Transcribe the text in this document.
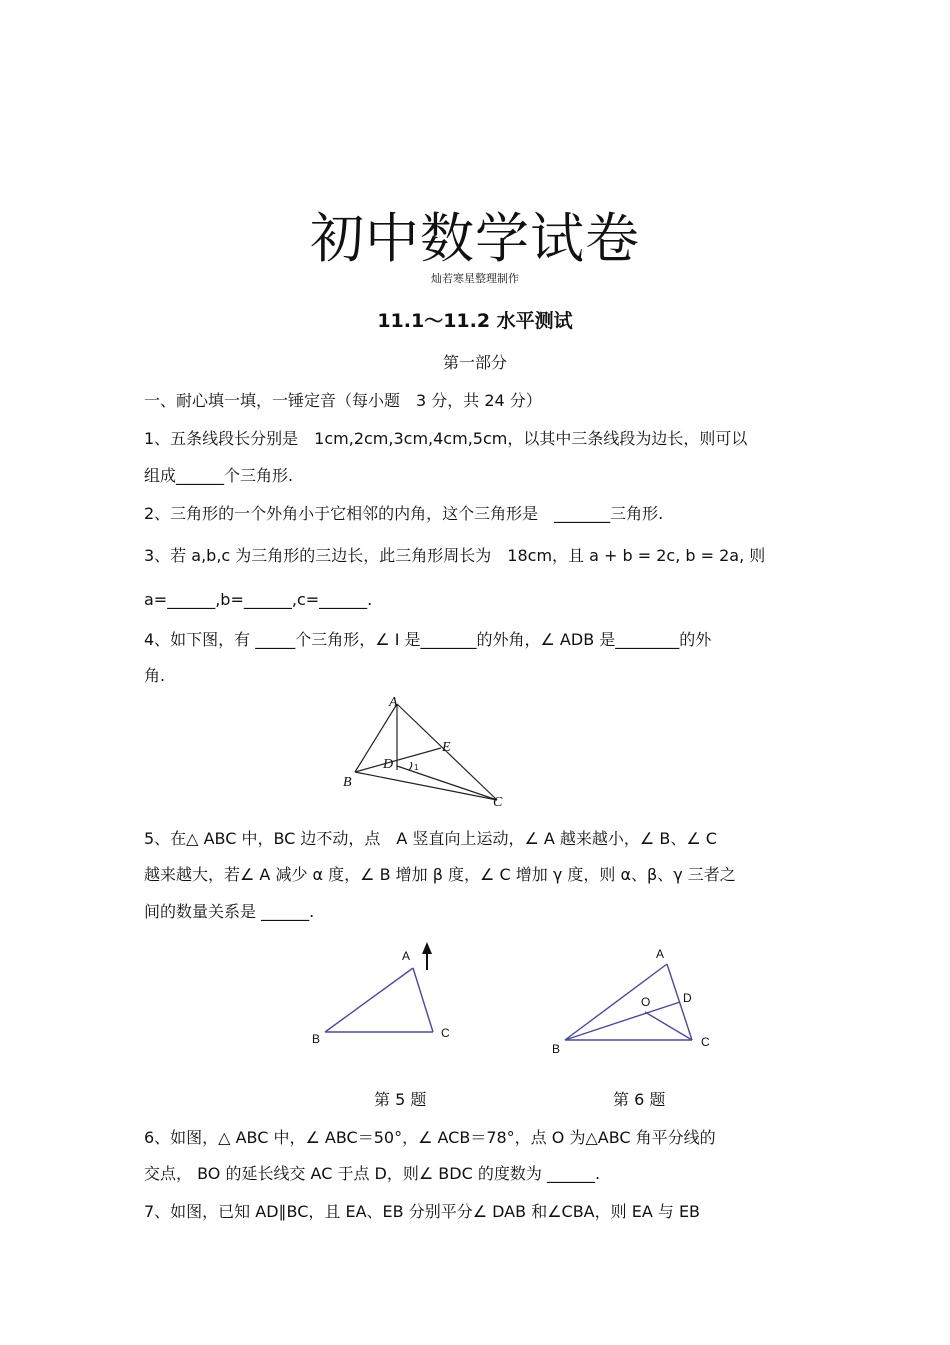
初中数学试卷
灿若寒星整理制作
11.1～11.2 水平测试
第一部分
一、耐心填一填，一锤定音（每小题　3 分，共 24 分）
1、五条线段长分别是　1cm,2cm,3cm,4cm,5cm，以其中三条线段为边长，则可以
组成______个三角形.
2、三角形的一个外角小于它相邻的内角，这个三角形是　_______三角形.
3、若 a,b,c 为三角形的三边长，此三角形周长为　18cm，且 a + b = 2c, b = 2a, 则
a=______,b=______,c=______.
4、如下图，有 _____个三角形，∠ I 是_______的外角，∠ ADB 是________的外
角.
A
B
C
D
E
1
5、在△ ABC 中，BC 边不动，点　A 竖直向上运动，∠ A 越来越小，∠ B、∠ C
越来越大，若∠ A 减少 α 度，∠ B 增加 β 度，∠ C 增加 γ 度，则 α、β、γ 三者之
间的数量关系是 ______.
A
B	C
A
B	C
D
O
第 5 题	第 6 题
6、如图，△ ABC 中，∠ ABC＝50°，∠ ACB＝78°，点 O 为△ABC 角平分线的
交点， BO 的延长线交 AC 于点 D，则∠ BDC 的度数为 ______.
7、如图，已知 AD∥BC，且 EA、EB 分别平分∠ DAB 和∠CBA，则 EA 与 EB
